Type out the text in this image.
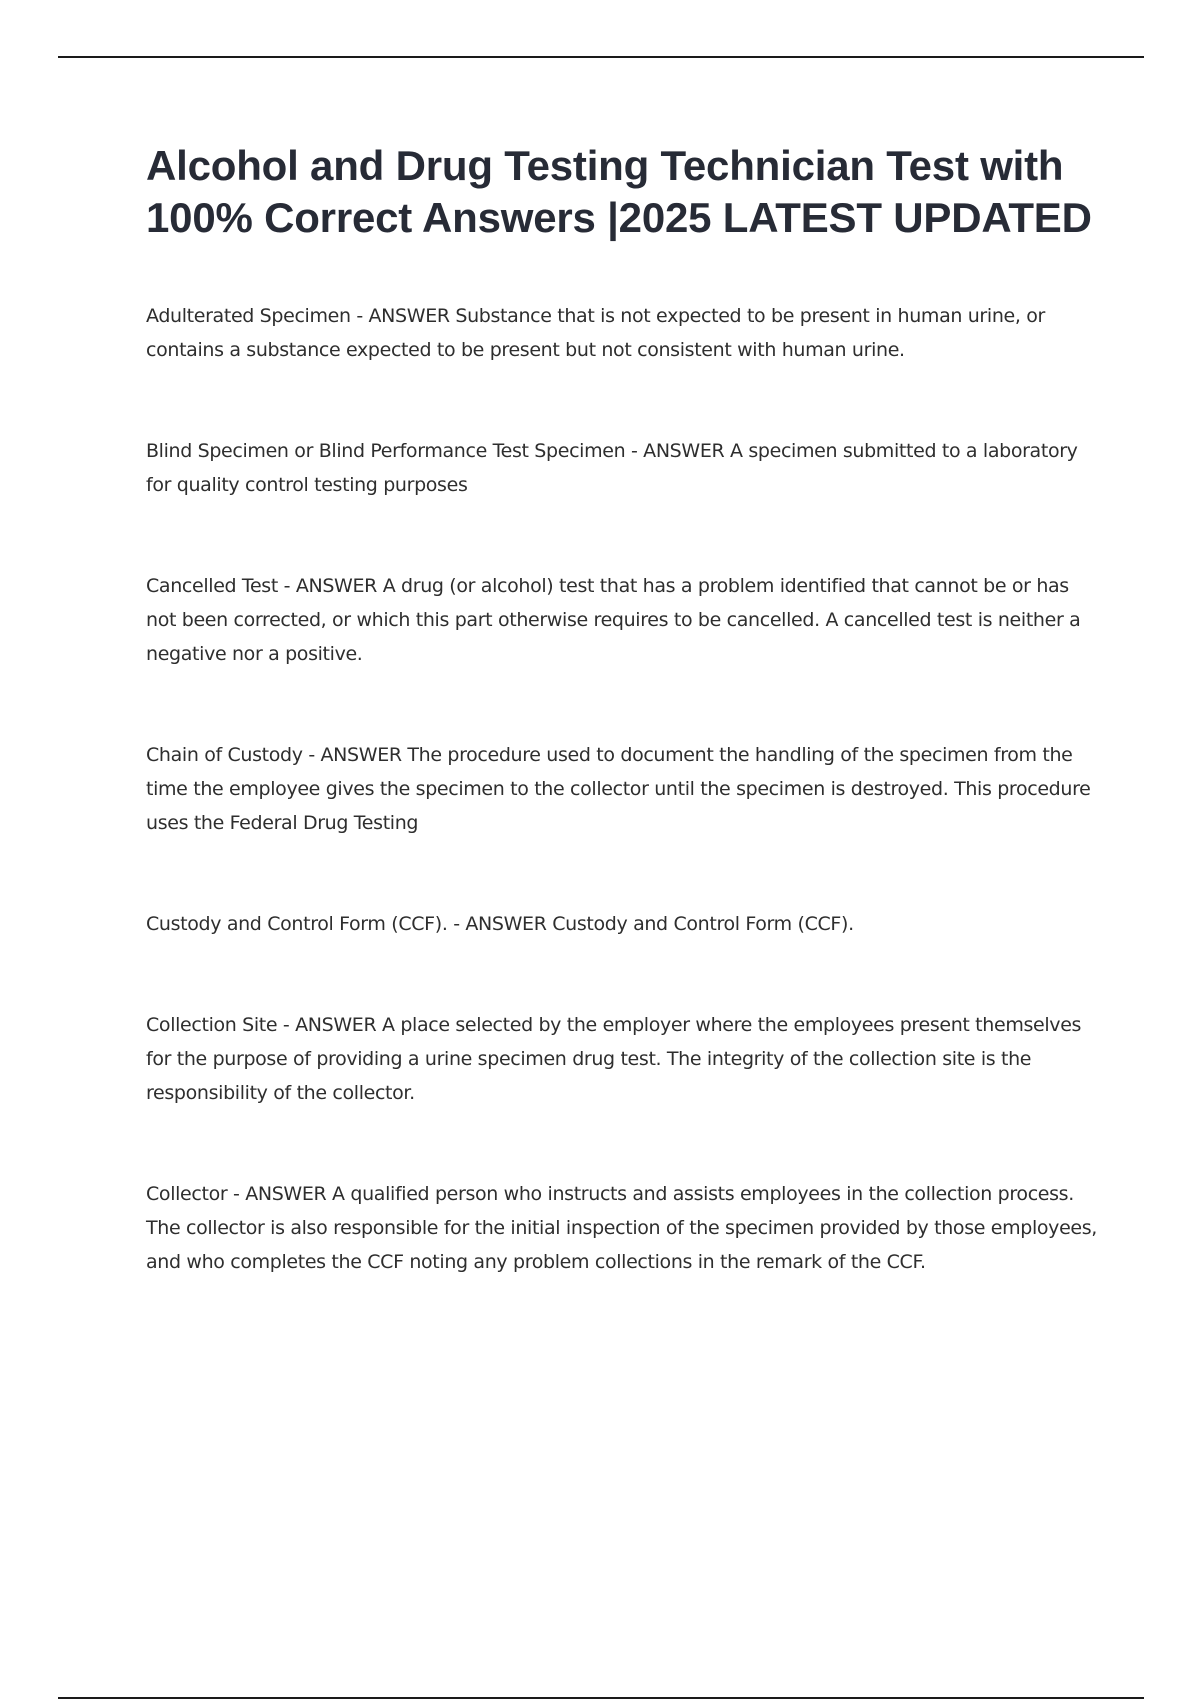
Alcohol and Drug Testing Technician Test with 100% Correct Answers |2025 LATEST UPDATED

Adulterated Specimen - ANSWER Substance that is not expected to be present in human urine, or contains a substance expected to be present but not consistent with human urine.

Blind Specimen or Blind Performance Test Specimen - ANSWER A specimen submitted to a laboratory for quality control testing purposes

Cancelled Test - ANSWER A drug (or alcohol) test that has a problem identified that cannot be or has not been corrected, or which this part otherwise requires to be cancelled. A cancelled test is neither a negative nor a positive.

Chain of Custody - ANSWER The procedure used to document the handling of the specimen from the time the employee gives the specimen to the collector until the specimen is destroyed. This procedure uses the Federal Drug Testing

Custody and Control Form (CCF). - ANSWER Custody and Control Form (CCF).

Collection Site - ANSWER A place selected by the employer where the employees present themselves for the purpose of providing a urine specimen drug test. The integrity of the collection site is the responsibility of the collector.

Collector - ANSWER A qualified person who instructs and assists employees in the collection process. The collector is also responsible for the initial inspection of the specimen provided by those employees, and who completes the CCF noting any problem collections in the remark of the CCF.
